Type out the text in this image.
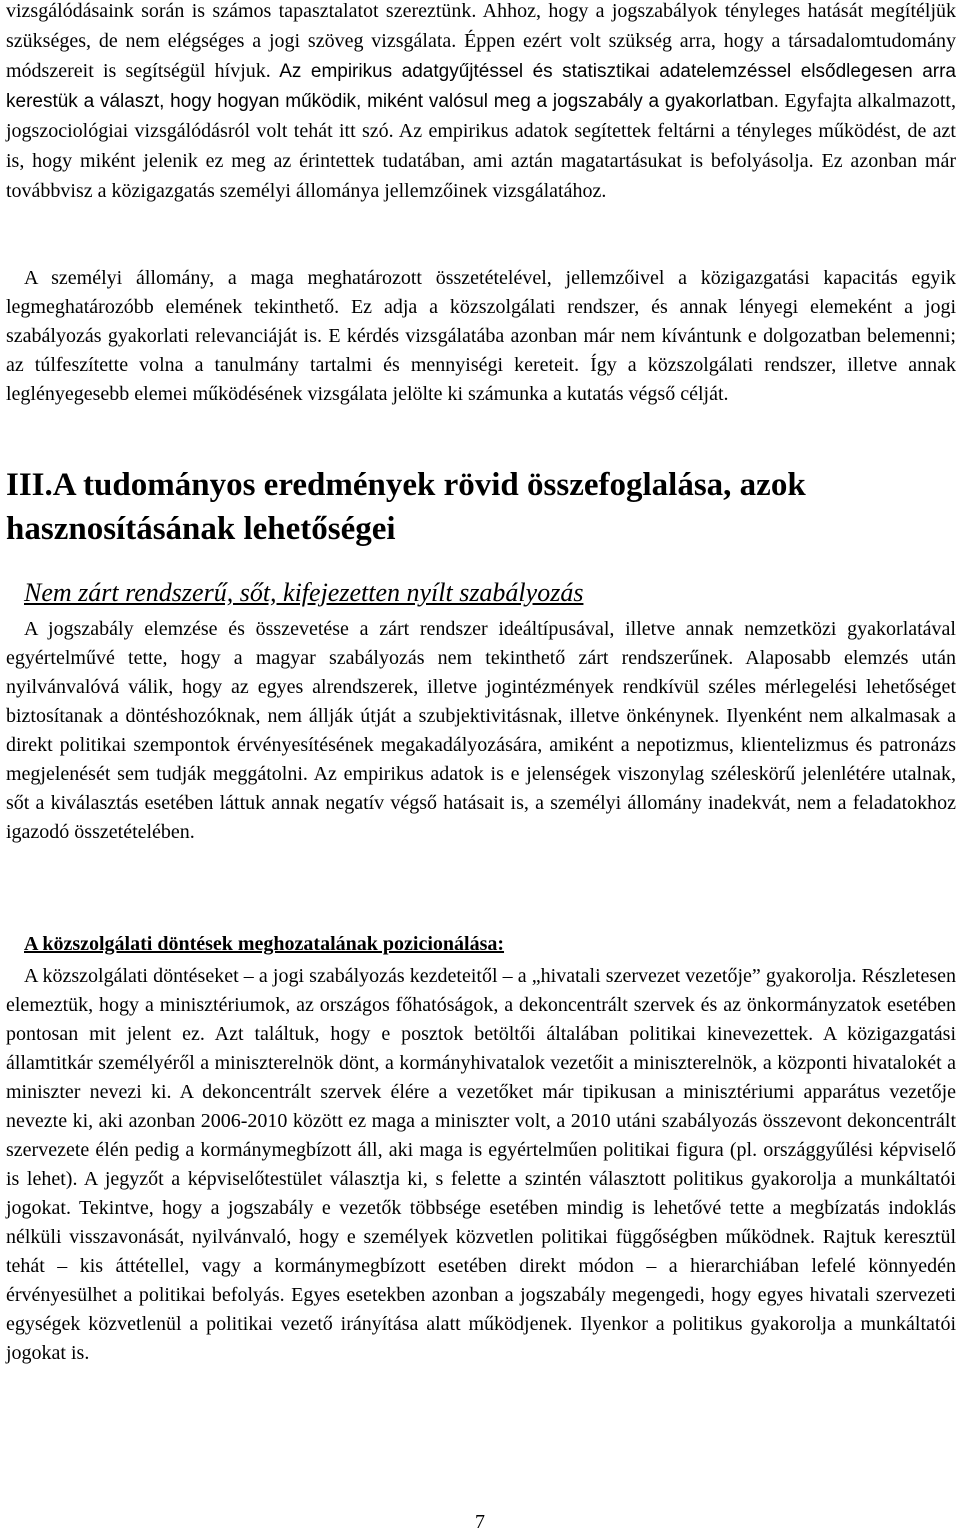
vizsgálódásaink során is számos tapasztalatot szereztünk. Ahhoz, hogy a jogszabályok tényleges hatását megítéljük szükséges, de nem elégséges a jogi szöveg vizsgálata. Éppen ezért volt szükség arra, hogy a társadalomtudomány módszereit is segítségül hívjuk. Az empirikus adatgyűjtéssel és statisztikai adatelemzéssel elsődlegesen arra kerestük a választ, hogy hogyan működik, miként valósul meg a jogszabály a gyakorlatban. Egyfajta alkalmazott, jogszociológiai vizsgálódásról volt tehát itt szó. Az empirikus adatok segítettek feltárni a tényleges működést, de azt is, hogy miként jelenik ez meg az érintettek tudatában, ami aztán magatartásukat is befolyásolja. Ez azonban már továbbvisz a közigazgatás személyi állománya jellemzőinek vizsgálatához.

A személyi állomány, a maga meghatározott összetételével, jellemzőivel a közigazgatási kapacitás egyik legmeghatározóbb elemének tekinthető. Ez adja a közszolgálati rendszer, és annak lényegi elemeként a jogi szabályozás gyakorlati relevanciáját is. E kérdés vizsgálatába azonban már nem kívántunk e dolgozatban belemenni; az túlfeszítette volna a tanulmány tartalmi és mennyiségi kereteit. Így a közszolgálati rendszer, illetve annak leglényegesebb elemei működésének vizsgálata jelölte ki számunka a kutatás végső célját.

III.A tudományos eredmények rövid összefoglalása, azok

hasznosításának lehetőségei

Nem zárt rendszerű, sőt, kifejezetten nyílt szabályozás

A jogszabály elemzése és összevetése a zárt rendszer ideáltípusával, illetve annak nemzetközi gyakorlatával egyértelművé tette, hogy a magyar szabályozás nem tekinthető zárt rendszerűnek. Alaposabb elemzés után nyilvánvalóvá válik, hogy az egyes alrendszerek, illetve jogintézmények rendkívül széles mérlegelési lehetőséget biztosítanak a döntéshozóknak, nem állják útját a szubjektivitásnak, illetve önkénynek. Ilyenként nem alkalmasak a direkt politikai szempontok érvényesítésének megakadályozására, amiként a nepotizmus, klientelizmus és patronázs megjelenését sem tudják meggátolni. Az empirikus adatok is e jelenségek viszonylag széleskörű jelenlétére utalnak, sőt a kiválasztás esetében láttuk annak negatív végső hatásait is, a személyi állomány inadekvát, nem a feladatokhoz igazodó összetételében.

A közszolgálati döntések meghozatalának pozicionálása:

A közszolgálati döntéseket – a jogi szabályozás kezdeteitől – a „hivatali szervezet vezetője” gyakorolja. Részletesen elemeztük, hogy a minisztériumok, az országos főhatóságok, a dekoncentrált szervek és az önkormányzatok esetében pontosan mit jelent ez. Azt találtuk, hogy e posztok betöltői általában politikai kinevezettek. A közigazgatási államtitkár személyéről a miniszterelnök dönt, a kormányhivatalok vezetőit a miniszterelnök, a központi hivatalokét a miniszter nevezi ki. A dekoncentrált szervek élére a vezetőket már tipikusan a minisztériumi apparátus vezetője nevezte ki, aki azonban 2006-2010 között ez maga a miniszter volt, a 2010 utáni szabályozás összevont dekoncentrált szervezete élén pedig a kormánymegbízott áll, aki maga is egyértelműen politikai figura (pl. országgyűlési képviselő is lehet). A jegyzőt a képviselőtestület választja ki, s felette a szintén választott politikus gyakorolja a munkáltatói jogokat. Tekintve, hogy a jogszabály e vezetők többsége esetében mindig is lehetővé tette a megbízatás indoklás nélküli visszavonását, nyilvánvaló, hogy e személyek közvetlen politikai függőségben működnek. Rajtuk keresztül tehát – kis áttétellel, vagy a kormánymegbízott esetében direkt módon – a hierarchiában lefelé könnyedén érvényesülhet a politikai befolyás. Egyes esetekben azonban a jogszabály megengedi, hogy egyes hivatali szervezeti egységek közvetlenül a politikai vezető irányítása alatt működjenek. Ilyenkor a politikus gyakorolja a munkáltatói jogokat is.

7
